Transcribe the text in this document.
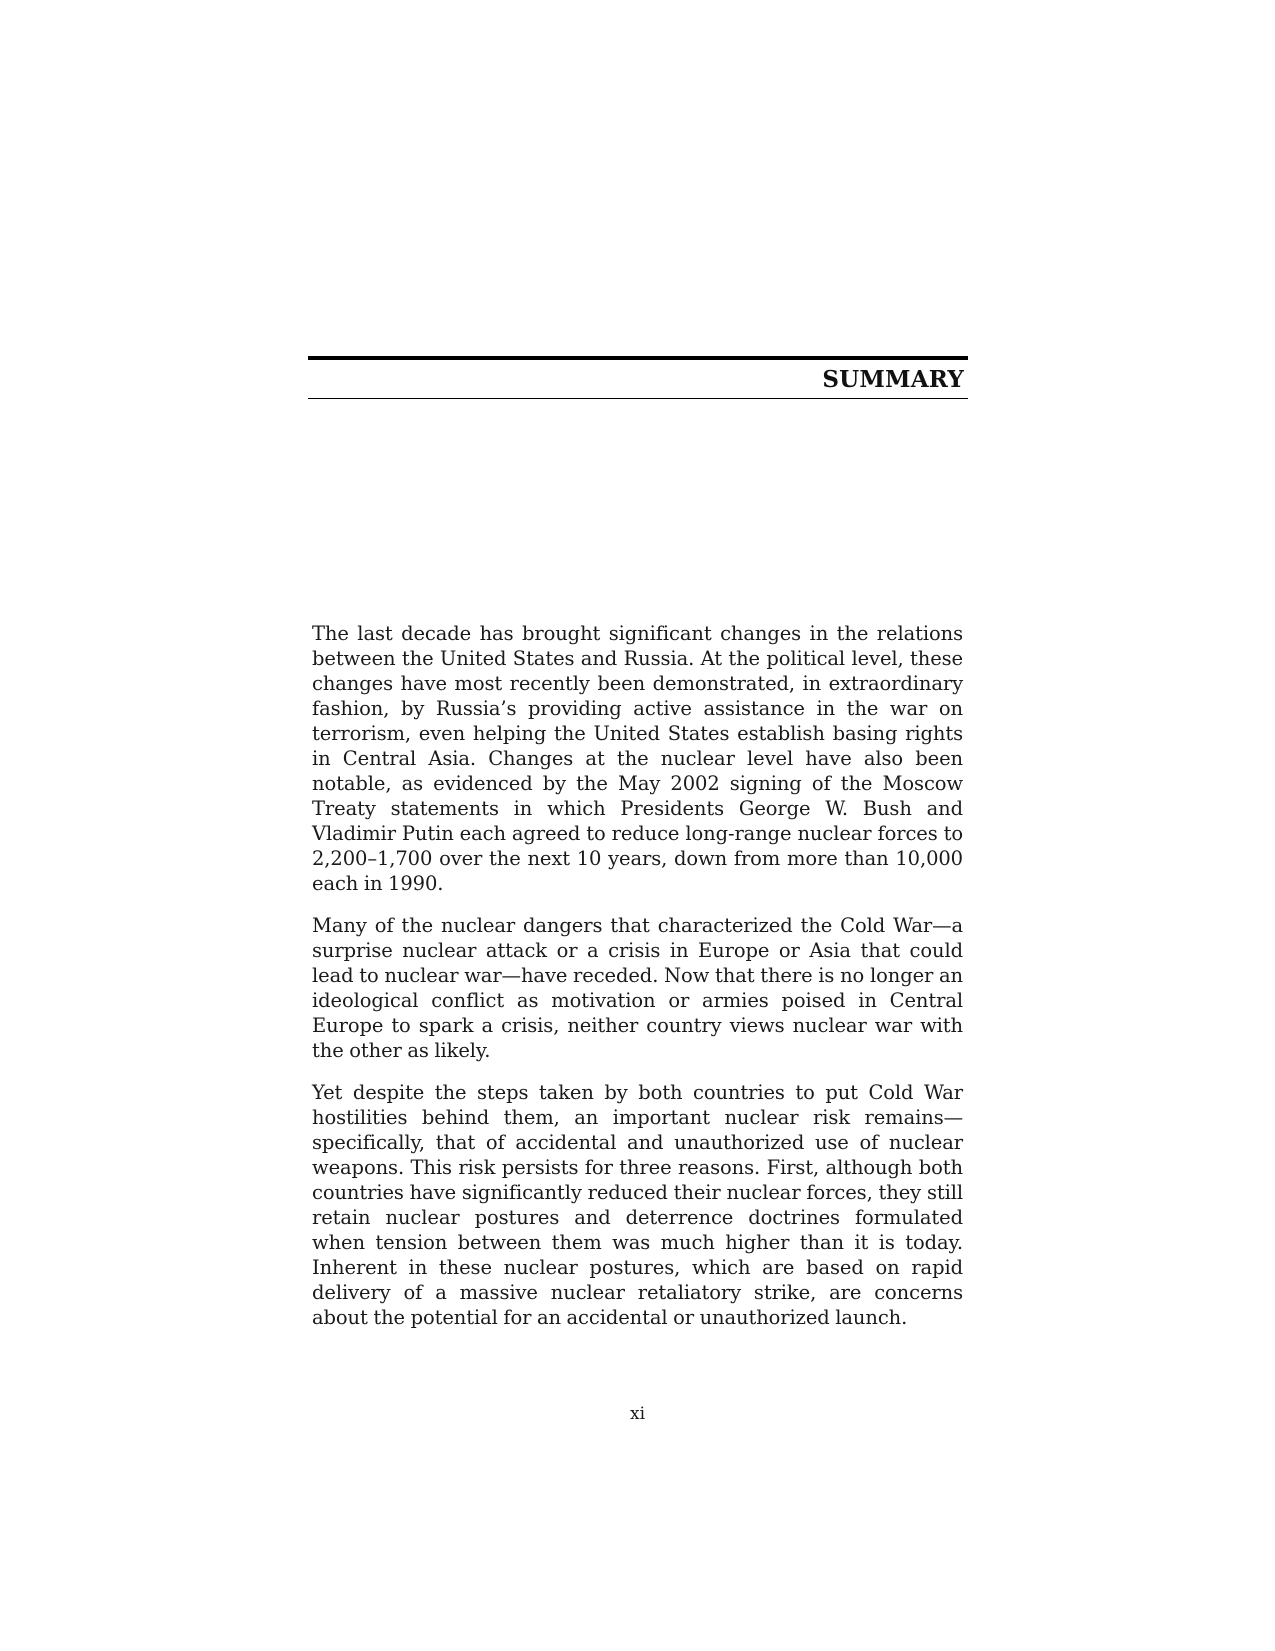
SUMMARY

The last decade has brought significant changes in the relations between the United States and Russia. At the political level, these changes have most recently been demonstrated, in extraordinary fashion, by Russia’s providing active assistance in the war on terrorism, even helping the United States establish basing rights in Central Asia. Changes at the nuclear level have also been notable, as evidenced by the May 2002 signing of the Moscow Treaty statements in which Presidents George W. Bush and Vladimir Putin each agreed to reduce long-range nuclear forces to 2,200–1,700 over the next 10 years, down from more than 10,000 each in 1990.

Many of the nuclear dangers that characterized the Cold War—a surprise nuclear attack or a crisis in Europe or Asia that could lead to nuclear war—have receded. Now that there is no longer an ideological conflict as motivation or armies poised in Central Europe to spark a crisis, neither country views nuclear war with the other as likely.

Yet despite the steps taken by both countries to put Cold War hostilities behind them, an important nuclear risk remains—specifically, that of accidental and unauthorized use of nuclear weapons. This risk persists for three reasons. First, although both countries have significantly reduced their nuclear forces, they still retain nuclear postures and deterrence doctrines formulated when tension between them was much higher than it is today. Inherent in these nuclear postures, which are based on rapid delivery of a massive nuclear retaliatory strike, are concerns about the potential for an accidental or unauthorized launch.

xi
